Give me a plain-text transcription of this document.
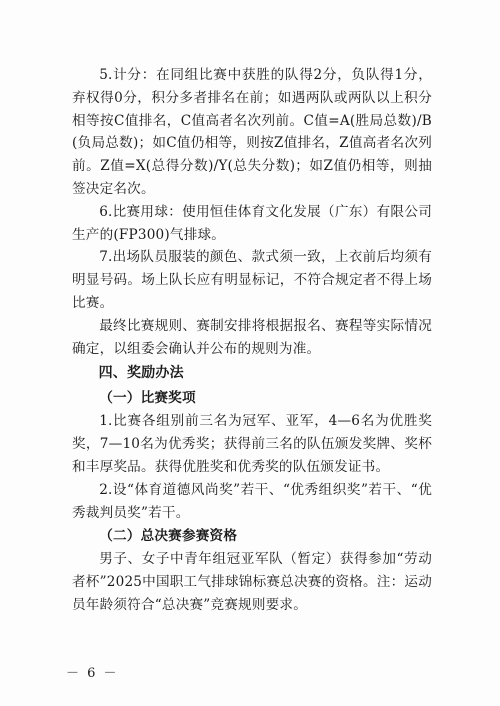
5.计分：在同组比赛中获胜的队得2分，负队得1分，弃权得0分，积分多者排名在前；如遇两队或两队以上积分相等按C值排名，C值高者名次列前。C值=A(胜局总数)/B(负局总数)；如C值仍相等，则按Z值排名，Z值高者名次列前。Z值=X(总得分数)/Y(总失分数)；如Z值仍相等，则抽签决定名次。

6.比赛用球：使用恒佳体育文化发展（广东）有限公司生产的(FP300)气排球。

7.出场队员服装的颜色、款式须一致，上衣前后均须有明显号码。场上队长应有明显标记，不符合规定者不得上场比赛。

最终比赛规则、赛制安排将根据报名、赛程等实际情况确定，以组委会确认并公布的规则为准。

四、奖励办法

（一）比赛奖项

1.比赛各组别前三名为冠军、亚军，4—6名为优胜奖奖，7—10名为优秀奖；获得前三名的队伍颁发奖牌、奖杯和丰厚奖品。获得优胜奖和优秀奖的队伍颁发证书。

2.设“体育道德风尚奖”若干、“优秀组织奖”若干、“优秀裁判员奖”若干。

（二）总决赛参赛资格

男子、女子中青年组冠亚军队（暂定）获得参加“劳动者杯”2025中国职工气排球锦标赛总决赛的资格。注：运动员年龄须符合“总决赛”竞赛规则要求。

－ 6 －
